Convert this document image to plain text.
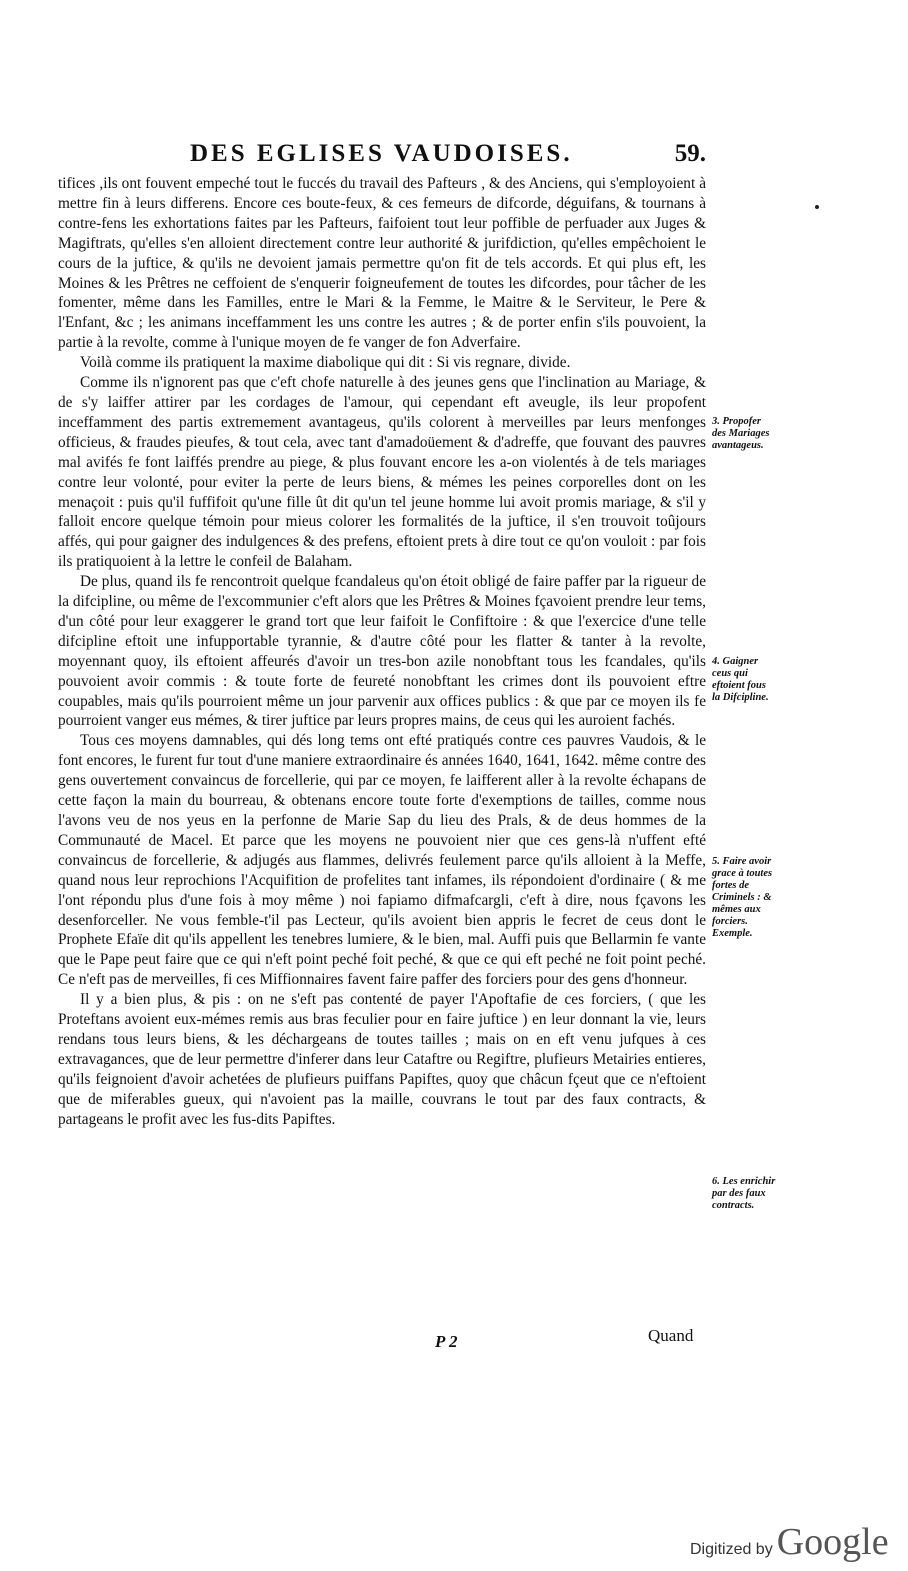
DES EGLISES VAUDOISES.	59.

tifices ,ils ont fouvent empeché tout le fuccés du travail des Pafteurs , & des Anciens, qui s'employoient à mettre fin à leurs differens. Encore ces boute-feux, & ces femeurs de difcorde, déguifans, & tournans à contre-fens les exhortations faites par les Pafteurs, faifoient tout leur poffible de perfuader aux Juges & Magiftrats, qu'elles s'en alloient directement contre leur authorité & jurifdiction, qu'elles empêchoient le cours de la juftice, & qu'ils ne devoient jamais permettre qu'on fit de tels accords. Et qui plus eft, les Moines & les Prêtres ne ceffoient de s'enquerir foigneufement de toutes les difcordes, pour tâcher de les fomenter, même dans les Familles, entre le Mari & la Femme, le Maitre & le Serviteur, le Pere & l'Enfant, &c ; les animans inceffamment les uns contre les autres ; & de porter enfin s'ils pouvoient, la partie à la revolte, comme à l'unique moyen de fe vanger de fon Adverfaire.

Voilà comme ils pratiquent la maxime diabolique qui dit : Si vis regnare, divide.

Comme ils n'ignorent pas que c'eft chofe naturelle à des jeunes gens que l'inclination au Mariage, & de s'y laiffer attirer par les cordages de l'amour, qui cependant eft aveugle, ils leur propofent inceffamment des partis extremement avantageus, qu'ils colorent à merveilles par leurs menfonges officieus, & fraudes pieufes, & tout cela, avec tant d'amadoüement & d'adreffe, que fouvant des pauvres mal avifés fe font laiffés prendre au piege, & plus fouvant encore les a-on violentés à de tels mariages contre leur volonté, pour eviter la perte de leurs biens, & mémes les peines corporelles dont on les menaçoit : puis qu'il fuffifoit qu'une fille ût dit qu'un tel jeune homme lui avoit promis mariage, & s'il y falloit encore quelque témoin pour mieus colorer les formalités de la juftice, il s'en trouvoit toûjours affés, qui pour gaigner des indulgences & des prefens, eftoient prets à dire tout ce qu'on vouloit : par fois ils pratiquoient à la lettre le confeil de Balaham.

De plus, quand ils fe rencontroit quelque fcandaleus qu'on étoit obligé de faire paffer par la rigueur de la difcipline, ou même de l'excommunier c'eft alors que les Prêtres & Moines fçavoient prendre leur tems, d'un côté pour leur exaggerer le grand tort que leur faifoit le Confiftoire : & que l'exercice d'une telle difcipline eftoit une infupportable tyrannie, & d'autre côté pour les flatter & tanter à la revolte, moyennant quoy, ils eftoient affeurés d'avoir un tres-bon azile nonobftant tous les fcandales, qu'ils pouvoient avoir commis : & toute forte de feureté nonobftant les crimes dont ils pouvoient eftre coupables, mais qu'ils pourroient même un jour parvenir aux offices publics : & que par ce moyen ils fe pourroient vanger eus mémes, & tirer juftice par leurs propres mains, de ceus qui les auroient fachés.

Tous ces moyens damnables, qui dés long tems ont efté pratiqués contre ces pauvres Vaudois, & le font encores, le furent fur tout d'une maniere extraordinaire és années 1640, 1641, 1642. même contre des gens ouvertement convaincus de forcellerie, qui par ce moyen, fe laifferent aller à la revolte échapans de cette façon la main du bourreau, & obtenans encore toute forte d'exemptions de tailles, comme nous l'avons veu de nos yeus en la perfonne de Marie Sap du lieu des Prals, & de deus hommes de la Communauté de Macel. Et parce que les moyens ne pouvoient nier que ces gens-là n'uffent efté convaincus de forcellerie, & adjugés aus flammes, delivrés feulement parce qu'ils alloient à la Meffe, quand nous leur reprochions l'Acquifition de profelites tant infames, ils répondoient d'ordinaire ( & me l'ont répondu plus d'une fois à moy même ) noi fapiamo difmafcargli, c'eft à dire, nous fçavons les desenforceller. Ne vous femble-t'il pas Lecteur, qu'ils avoient bien appris le fecret de ceus dont le Prophete Efaïe dit qu'ils appellent les tenebres lumiere, & le bien, mal. Auffi puis que Bellarmin fe vante que le Pape peut faire que ce qui n'eft point peché foit peché, & que ce qui eft peché ne foit point peché. Ce n'eft pas de merveilles, fi ces Miffionnaires favent faire paffer des forciers pour des gens d'honneur.

Il y a bien plus, & pis : on ne s'eft pas contenté de payer l'Apoftafie de ces forciers, ( que les Proteftans avoient eux-mémes remis aus bras feculier pour en faire juftice ) en leur donnant la vie, leurs rendans tous leurs biens, & les déchargeans de toutes tailles ; mais on en eft venu jufques à ces extravagances, que de leur permettre d'inferer dans leur Cataftre ou Regiftre, plufieurs Metairies entieres, qu'ils feignoient d'avoir achetées de plufieurs puiffans Papiftes, quoy que châcun fçeut que ce n'eftoient que de miferables gueux, qui n'avoient pas la maille, couvrans le tout par des faux contracts, & partageans le profit avec les fus-dits Papiftes.

3. Propofer des Mariages avantageus.
4. Gaigner ceus qui eftoient fous la Difcipline.
5. Faire avoir grace à toutes fortes de Criminels : & mêmes aux forciers. Exemple.
6. Les enrichir par des faux contracts.
P 2	Quand
Digitized by Google
